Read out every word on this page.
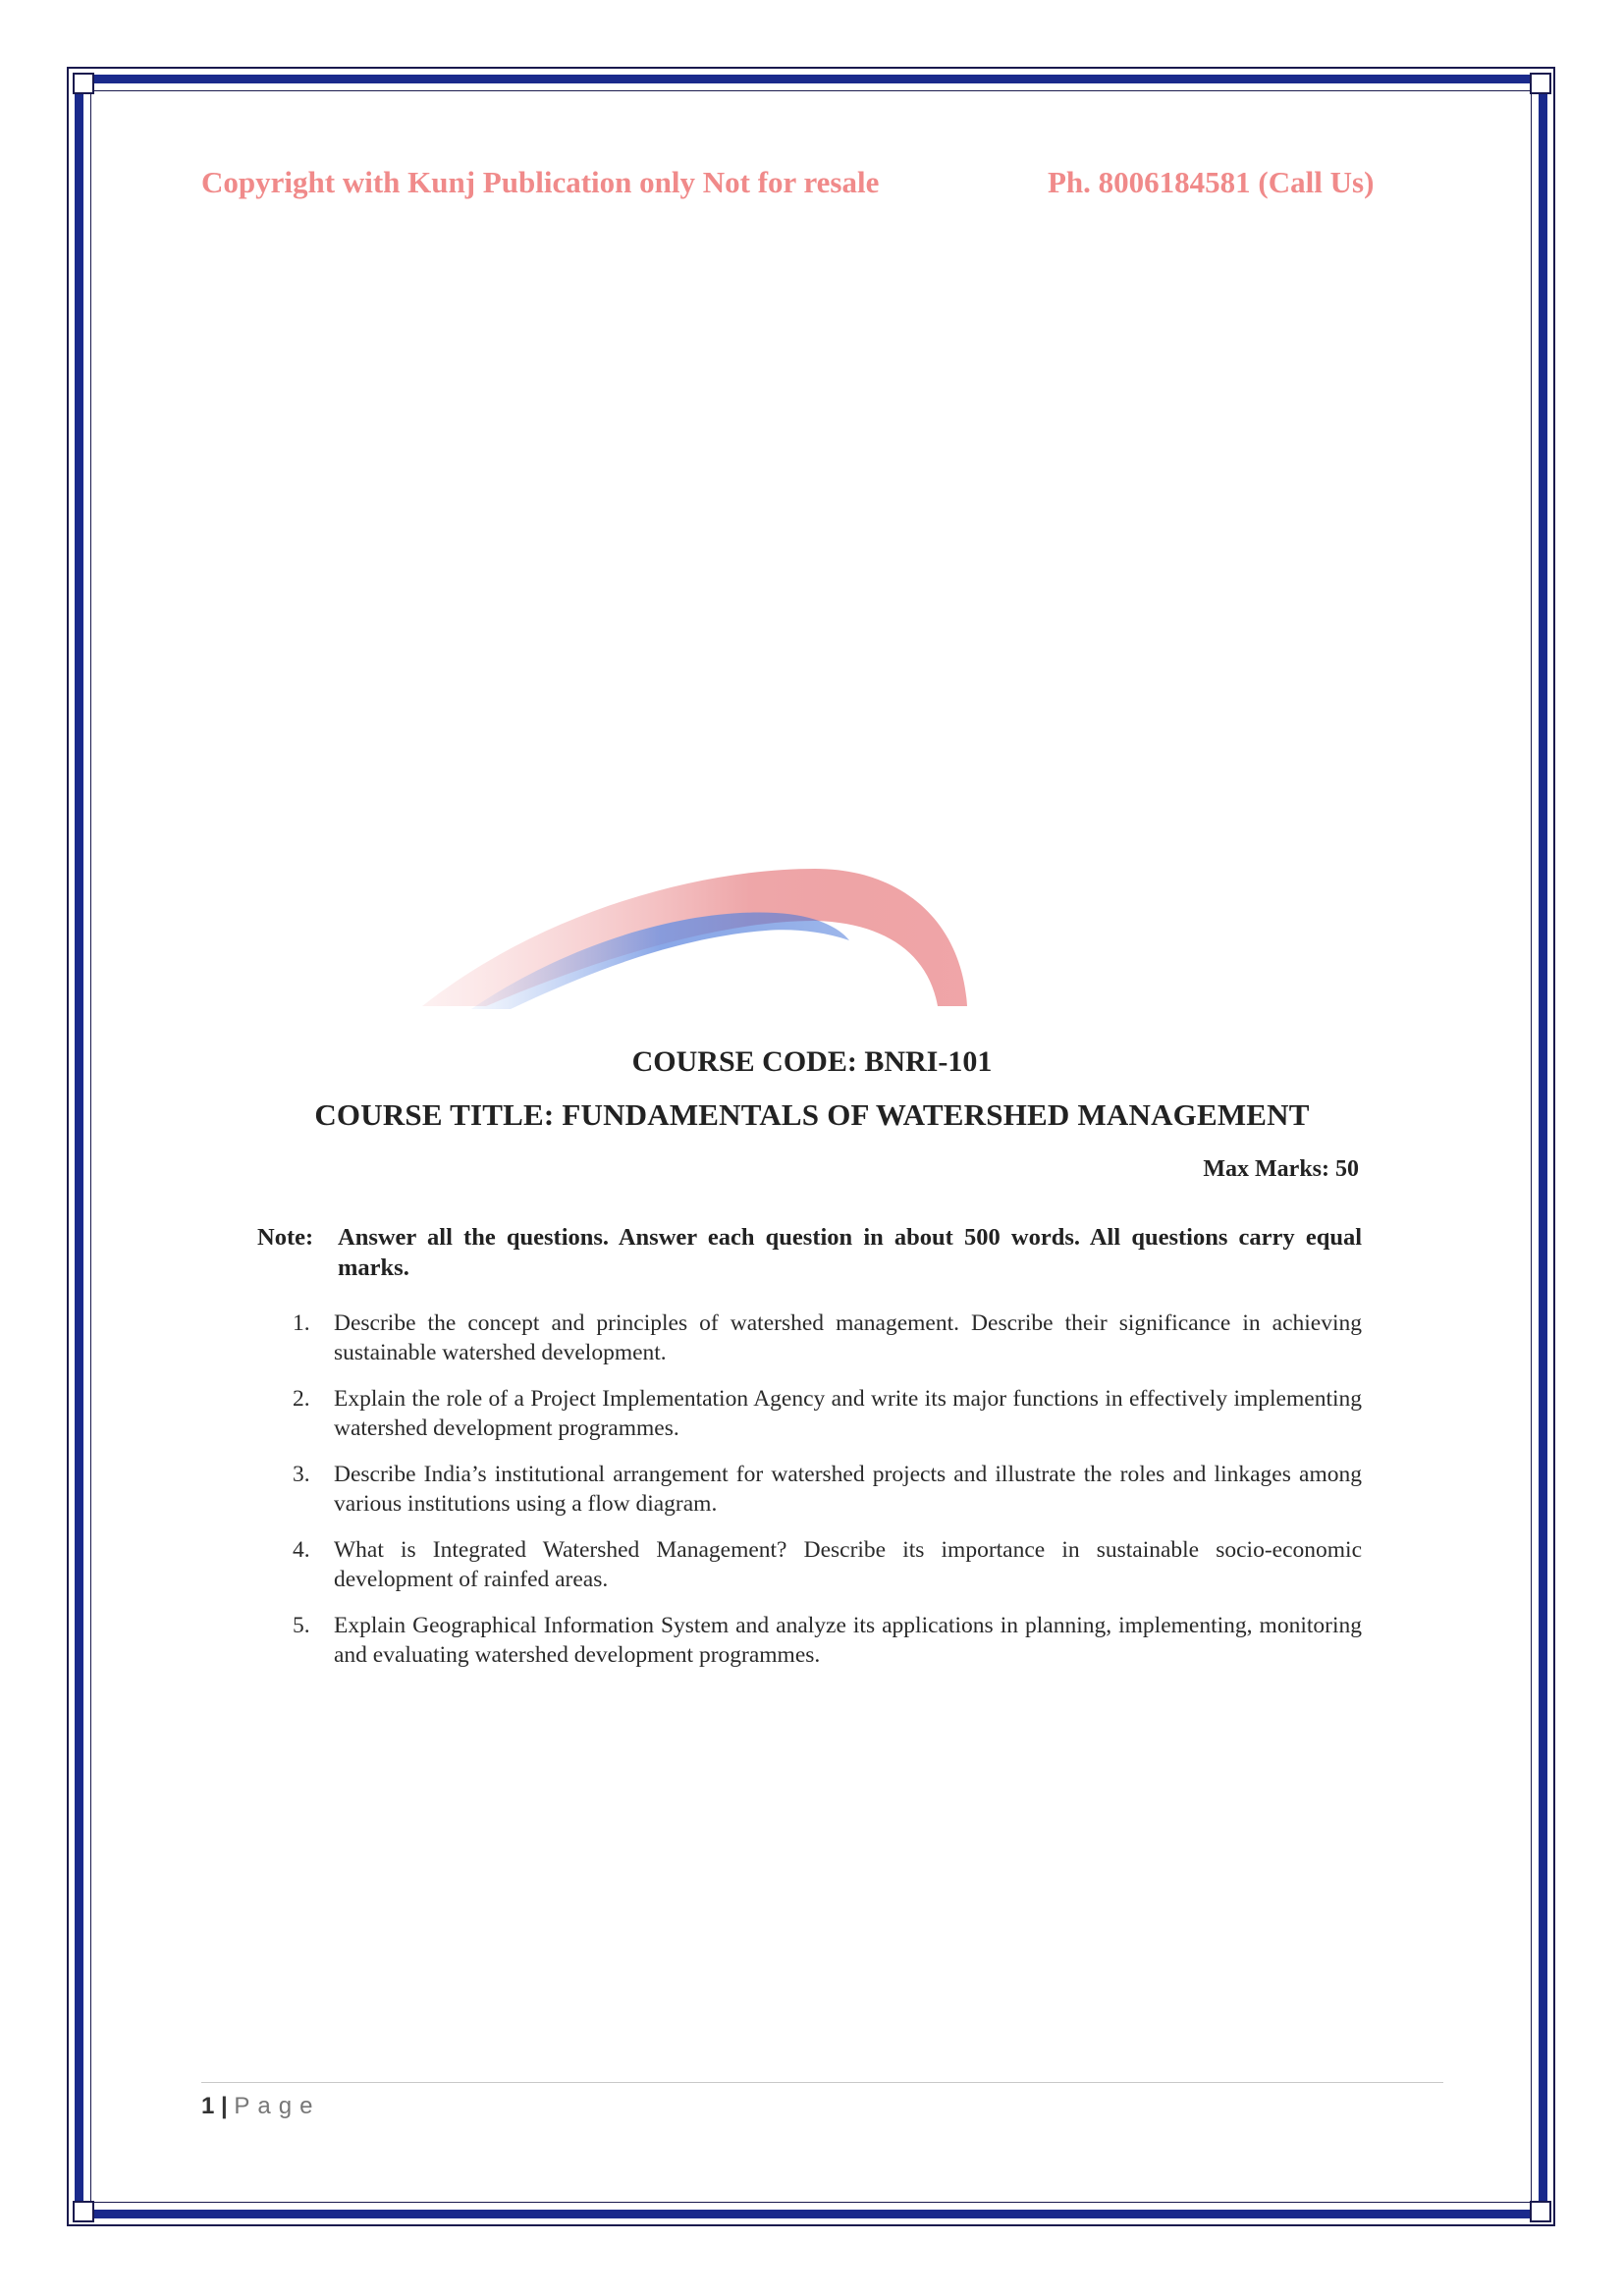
Copyright with Kunj Publication only Not for resale	Ph. 8006184581 (Call Us)
COURSE CODE: BNRI-101
COURSE TITLE: FUNDAMENTALS OF WATERSHED MANAGEMENT
Max Marks: 50
Note: Answer all the questions. Answer each question in about 500 words. All questions carry equal marks.
1. Describe the concept and principles of watershed management. Describe their significance in achieving sustainable watershed development.
2. Explain the role of a Project Implementation Agency and write its major functions in effectively implementing watershed development programmes.
3. Describe India’s institutional arrangement for watershed projects and illustrate the roles and linkages among various institutions using a flow diagram.
4. What is Integrated Watershed Management? Describe its importance in sustainable socio-economic development of rainfed areas.
5. Explain Geographical Information System and analyze its applications in planning, implementing, monitoring and evaluating watershed development programmes.
1 | Page
